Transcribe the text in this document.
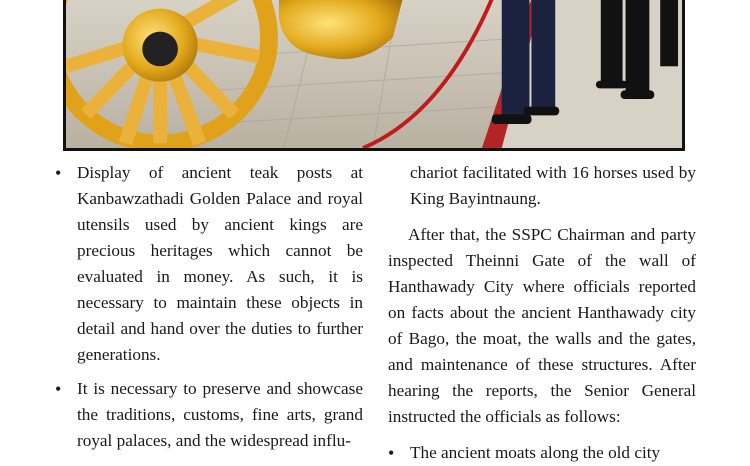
• Display of ancient teak posts at Kanbawzathadi Golden Palace and royal utensils used by ancient kings are precious heritages which cannot be evaluated in money. As such, it is necessary to maintain these objects in detail and hand over the duties to further generations.

• It is necessary to preserve and showcase the traditions, customs, fine arts, grand royal palaces, and the widespread influ-

chariot facilitated with 16 horses used by King Bayintnaung.

After that, the SSPC Chairman and party inspected Theinni Gate of the wall of Hanthawady City where officials reported on facts about the ancient Hanthawady city of Bago, the moat, the walls and the gates, and maintenance of these structures. After hearing the reports, the Senior General instructed the officials as follows:

• The ancient moats along the old city
